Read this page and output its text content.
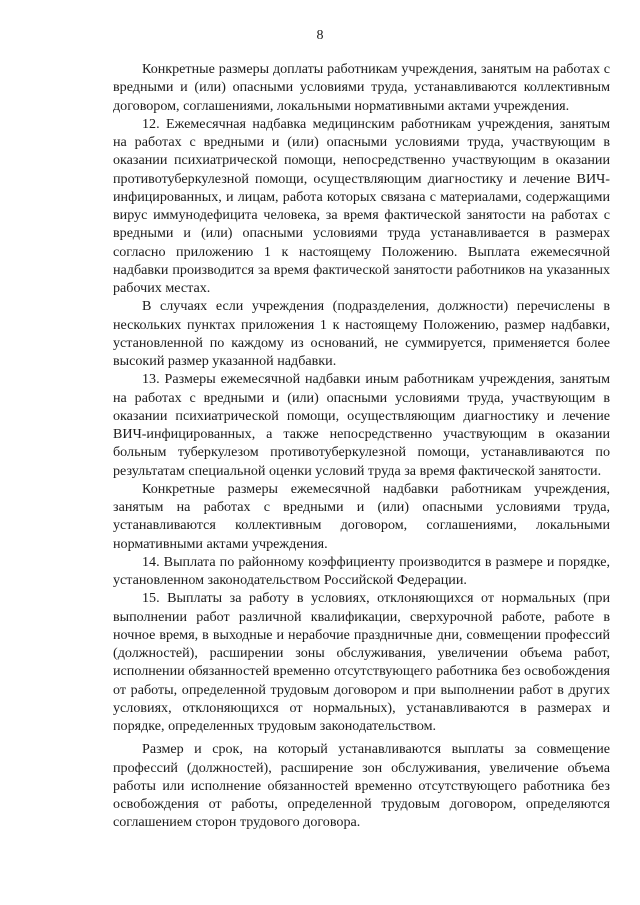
8

Конкретные размеры доплаты работникам учреждения, занятым на работах с вредными и (или) опасными условиями труда, устанавливаются коллективным договором, соглашениями, локальными нормативными актами учреждения.

12. Ежемесячная надбавка медицинским работникам учреждения, занятым на работах с вредными и (или) опасными условиями труда, участвующим в оказании психиатрической помощи, непосредственно участвующим в оказании противотуберкулезной помощи, осуществляющим диагностику и лечение ВИЧ-инфицированных, и лицам, работа которых связана с материалами, содержащими вирус иммунодефицита человека, за время фактической занятости на работах с вредными и (или) опасными условиями труда устанавливается в размерах согласно приложению 1 к настоящему Положению. Выплата ежемесячной надбавки производится за время фактической занятости работников на указанных рабочих местах.

В случаях если учреждения (подразделения, должности) перечислены в нескольких пунктах приложения 1 к настоящему Положению, размер надбавки, установленной по каждому из оснований, не суммируется, применяется более высокий размер указанной надбавки.

13. Размеры ежемесячной надбавки иным работникам учреждения, занятым на работах с вредными и (или) опасными условиями труда, участвующим в оказании психиатрической помощи, осуществляющим диагностику и лечение ВИЧ-инфицированных, а также непосредственно участвующим в оказании больным туберкулезом противотуберкулезной помощи, устанавливаются по результатам специальной оценки условий труда за время фактической занятости.

Конкретные размеры ежемесячной надбавки работникам учреждения, занятым на работах с вредными и (или) опасными условиями труда, устанавливаются коллективным договором, соглашениями, локальными нормативными актами учреждения.

14. Выплата по районному коэффициенту производится в размере и порядке, установленном законодательством Российской Федерации.

15. Выплаты за работу в условиях, отклоняющихся от нормальных (при выполнении работ различной квалификации, сверхурочной работе, работе в ночное время, в выходные и нерабочие праздничные дни, совмещении профессий (должностей), расширении зоны обслуживания, увеличении объема работ, исполнении обязанностей временно отсутствующего работника без освобождения от работы, определенной трудовым договором и при выполнении работ в других условиях, отклоняющихся от нормальных), устанавливаются в размерах и порядке, определенных трудовым законодательством.

Размер и срок, на который устанавливаются выплаты за совмещение профессий (должностей), расширение зон обслуживания, увеличение объема работы или исполнение обязанностей временно отсутствующего работника без освобождения от работы, определенной трудовым договором, определяются соглашением сторон трудового договора.
